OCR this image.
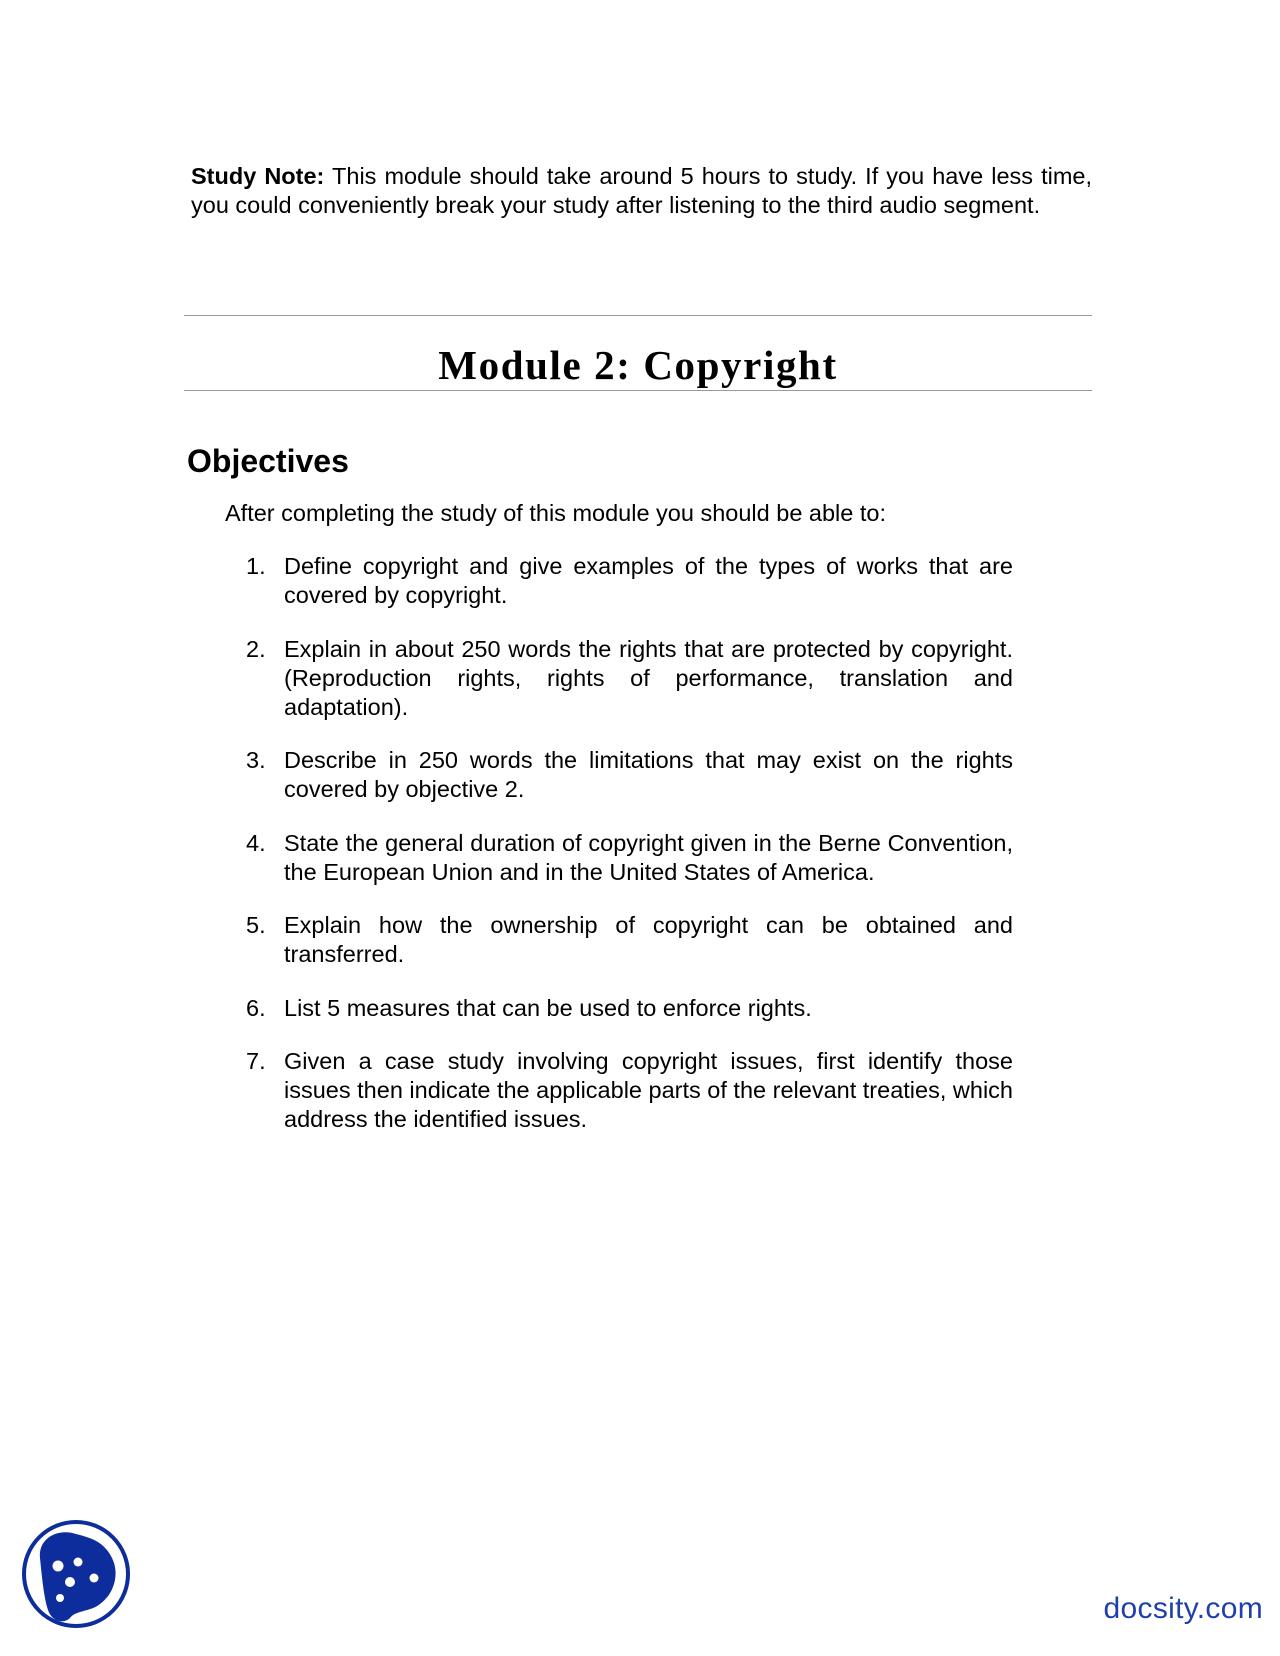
Study Note: This module should take around 5 hours to study. If you have less time, you could conveniently break your study after listening to the third audio segment.

Module 2: Copyright
Objectives

After completing the study of this module you should be able to:

1. Define copyright and give examples of the types of works that are covered by copyright.
2. Explain in about 250 words the rights that are protected by copyright. (Reproduction rights, rights of performance, translation and adaptation).
3. Describe in 250 words the limitations that may exist on the rights covered by objective 2.
4. State the general duration of copyright given in the Berne Convention, the European Union and in the United States of America.
5. Explain how the ownership of copyright can be obtained and transferred.
6. List 5 measures that can be used to enforce rights.
7. Given a case study involving copyright issues, first identify those issues then indicate the applicable parts of the relevant treaties, which address the identified issues.
docsity.com
